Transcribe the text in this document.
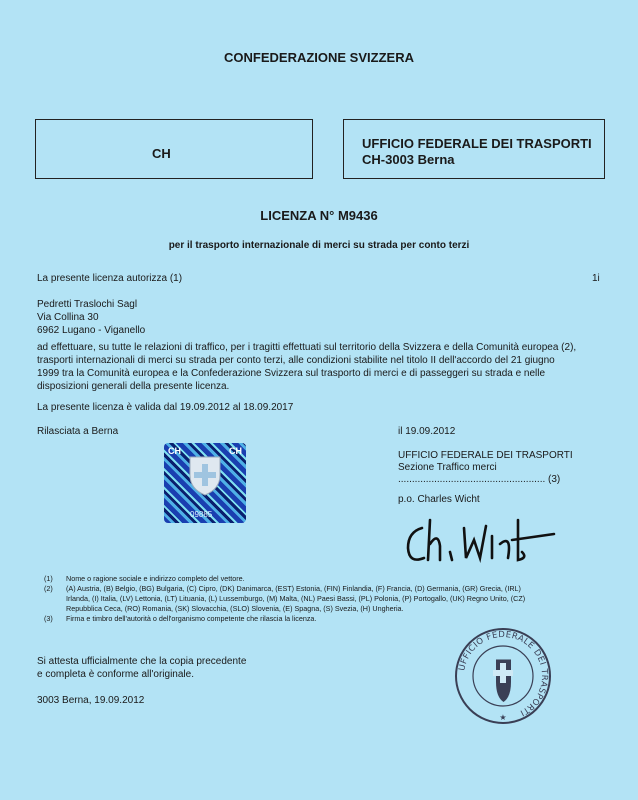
CONFEDERAZIONE SVIZZERA
CH
UFFICIO FEDERALE DEI TRASPORTI
CH-3003 Berna
LICENZA N° M9436
per il trasporto internazionale di merci su strada per conto terzi
La presente licenza autorizza (1)	1i
Pedretti Traslochi Sagl
Via Collina 30
6962 Lugano - Viganello
ad effettuare, su tutte le relazioni di traffico, per i tragitti effettuati sul territorio della Svizzera e della Comunità europea (2),
trasporti internazionali di merci su strada per conto terzi, alle condizioni stabilite nel titolo II dell'accordo del 21 giugno
1999 tra la Comunità europea e la Confederazione Svizzera sul trasporto di merci e di passeggeri su strada e nelle
disposizioni generali della presente licenza.
La presente licenza è valida dal 19.09.2012 al 18.09.2017
Rilasciata a Berna	il 19.09.2012
UFFICIO FEDERALE DEI TRASPORTI
Sezione Traffico merci
..................................................... (3)
p.o. Charles Wicht
CH	CH
09885
(1) Nome o ragione sociale e indirizzo completo del vettore.
(2) (A) Austria, (B) Belgio, (BG) Bulgaria, (C) Cipro, (DK) Danimarca, (EST) Estonia, (FIN) Finlandia, (F) Francia, (D) Germania, (GR) Grecia, (IRL)
Irlanda, (I) Italia, (LV) Lettonia, (LT) Lituania, (L) Lussemburgo, (M) Malta, (NL) Paesi Bassi, (PL) Polonia, (P) Portogallo, (UK) Regno Unito, (CZ)
Repubblica Ceca, (RO) Romania, (SK) Slovacchia, (SLO) Slovenia, (E) Spagna, (S) Svezia, (H) Ungheria.
(3) Firma e timbro dell'autorità o dell'organismo competente che rilascia la licenza.
Si attesta ufficialmente che la copia precedente
e completa è conforme all'originale.
3003 Berna, 19.09.2012
UFFICIO FEDERALE DEI TRASPORTI
★
